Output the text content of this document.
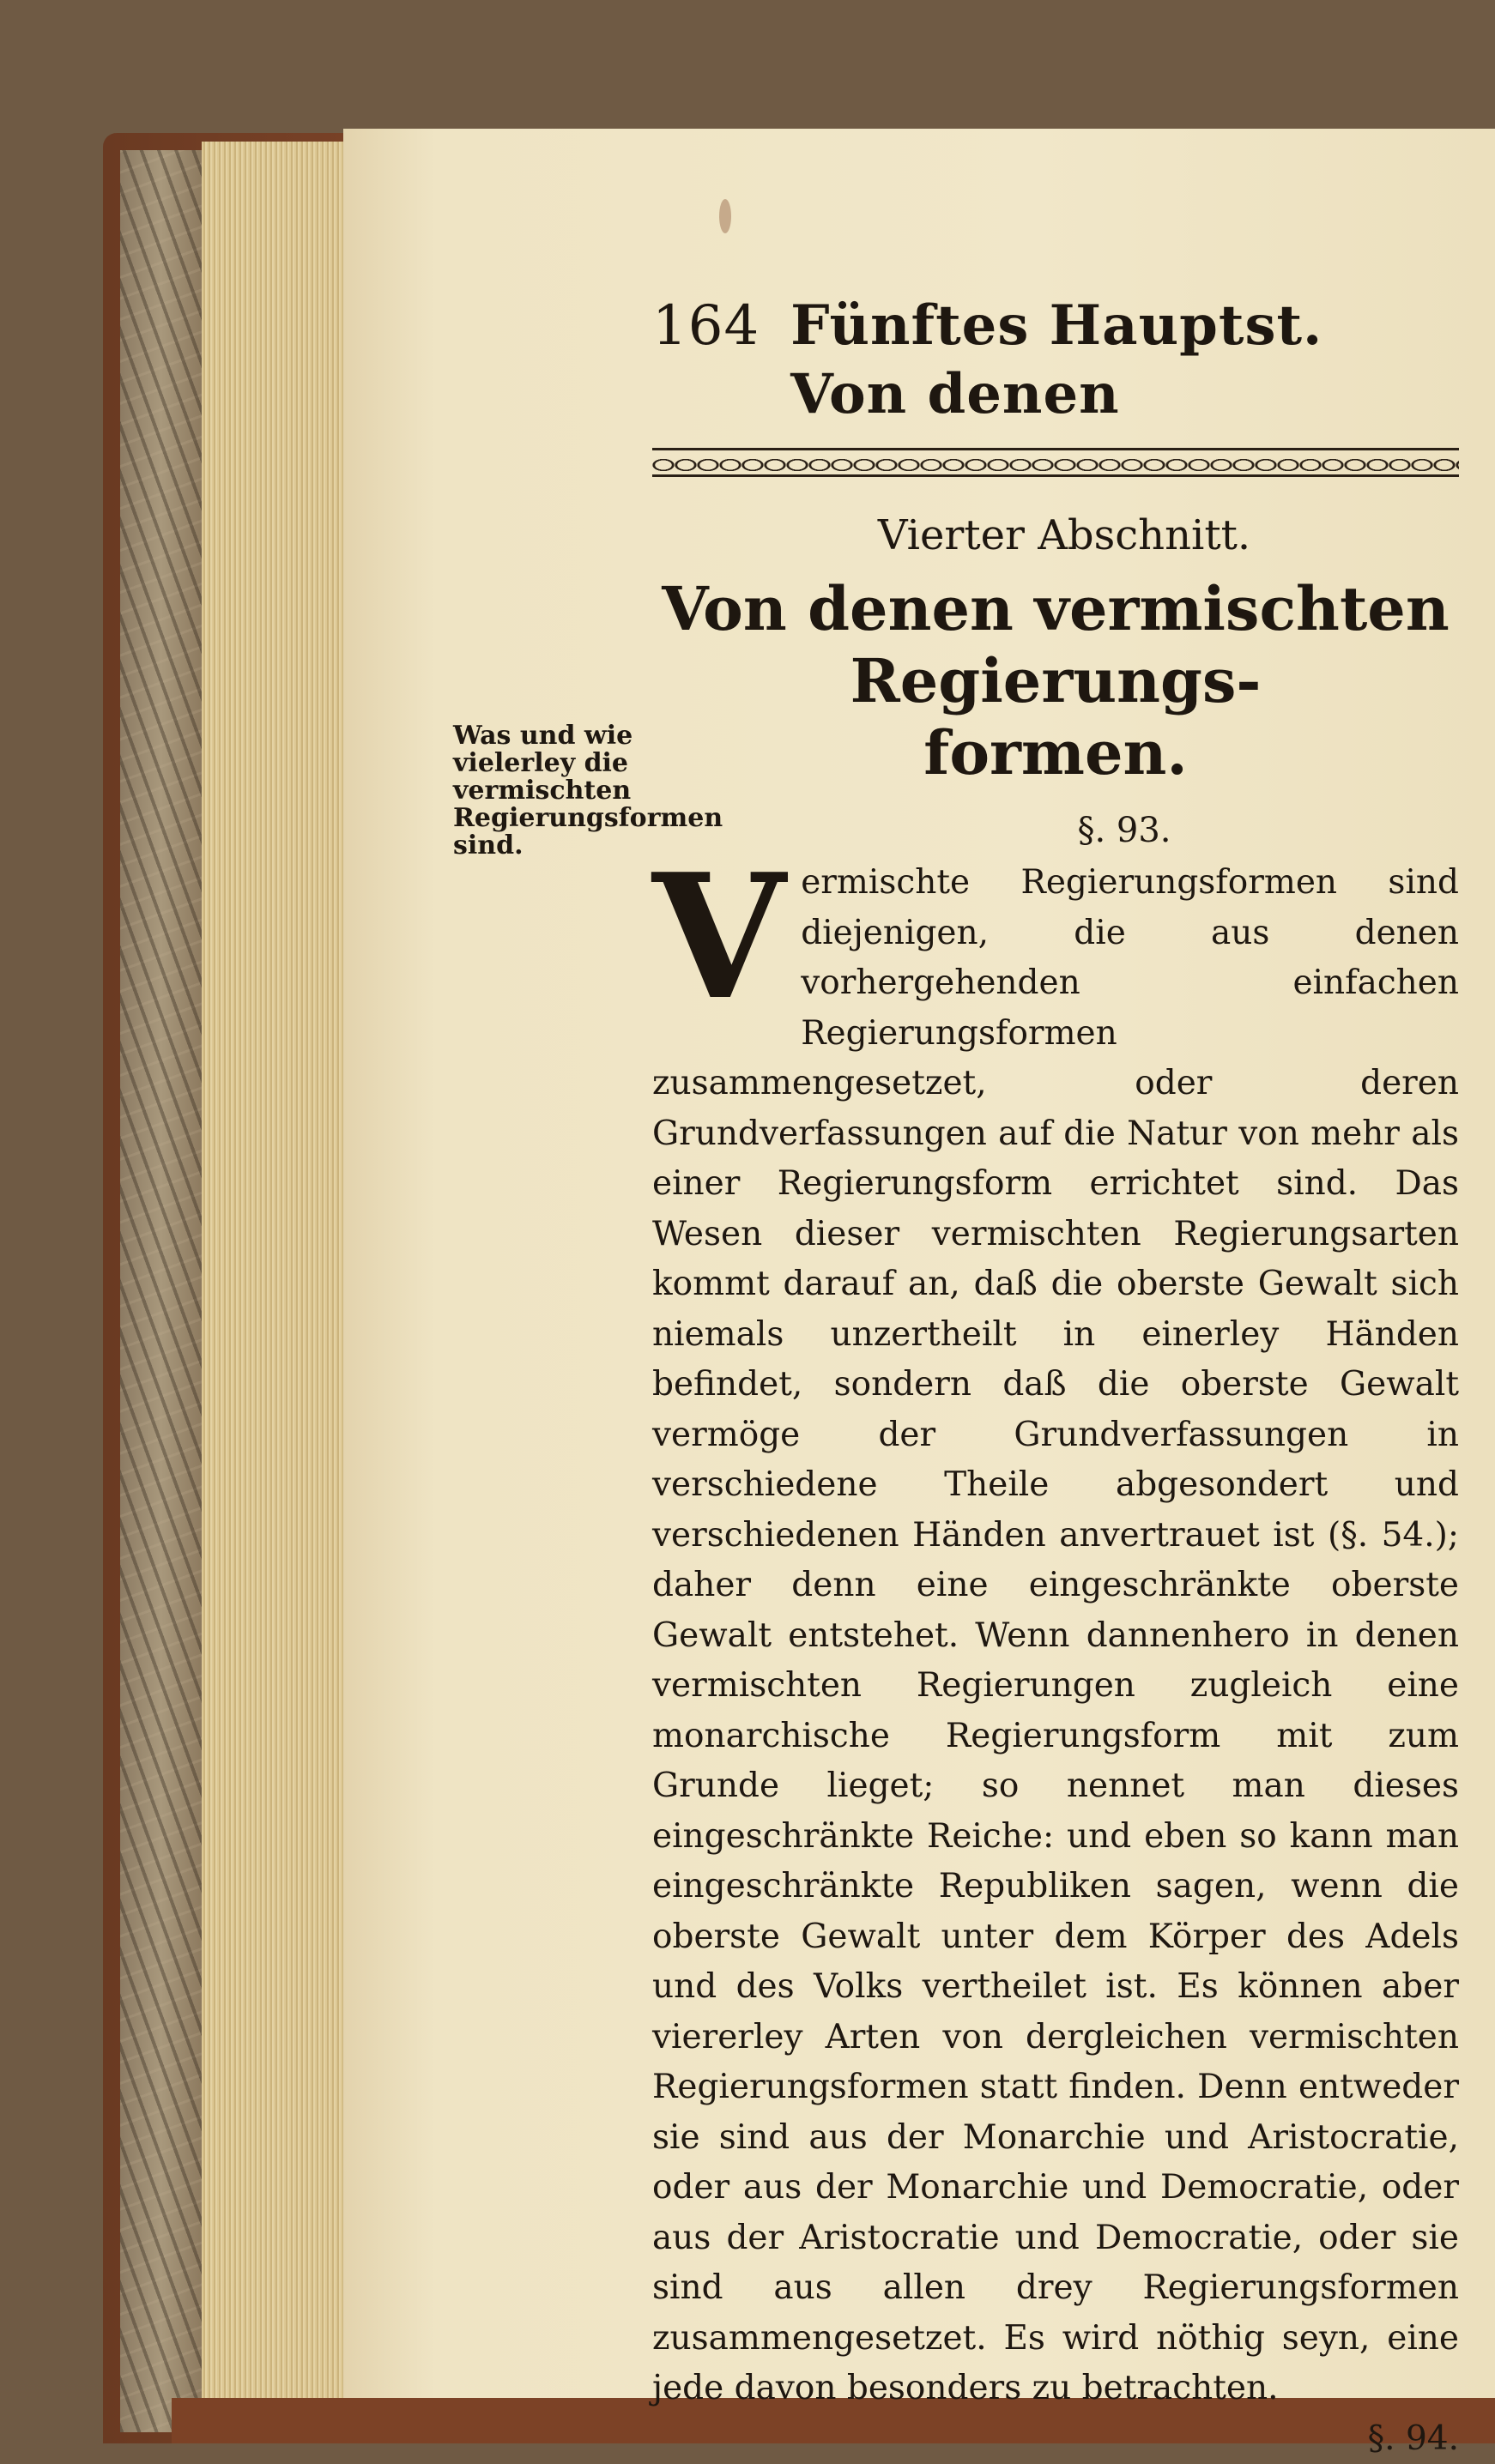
Was und wie vielerley die vermischten Regierungsformen sind.
164 Fünftes Hauptst. Von denen
Vierter Abschnitt.
Von denen vermischten Regierungs-
formen.
§. 93.
V ermischte Regierungsformen sind diejenigen, die aus denen vorhergehenden einfachen Regierungsformen zusammengesetzet, oder deren Grundverfassungen auf die Natur von mehr als einer Regierungsform errichtet sind. Das Wesen dieser vermischten Regierungsarten kommt darauf an, daß die oberste Gewalt sich niemals unzertheilt in einerley Händen befindet, sondern daß die oberste Gewalt vermöge der Grundverfassungen in verschiedene Theile abgesondert und verschiedenen Händen anvertrauet ist (§. 54.); daher denn eine eingeschränkte oberste Gewalt entstehet. Wenn dannenhero in denen vermischten Regierungen zugleich eine monarchische Regierungsform mit zum Grunde lieget; so nennet man dieses eingeschränkte Reiche: und eben so kann man eingeschränkte Republiken sagen, wenn die oberste Gewalt unter dem Körper des Adels und des Volks vertheilet ist. Es können aber viererley Arten von dergleichen vermischten Regierungsformen statt finden. Denn entweder sie sind aus der Monarchie und Aristocratie, oder aus der Monarchie und Democratie, oder aus der Aristocratie und Democratie, oder sie sind aus allen drey Regierungsformen zusammengesetzet. Es wird nöthig seyn, eine jede davon besonders zu betrachten.
§. 94.
